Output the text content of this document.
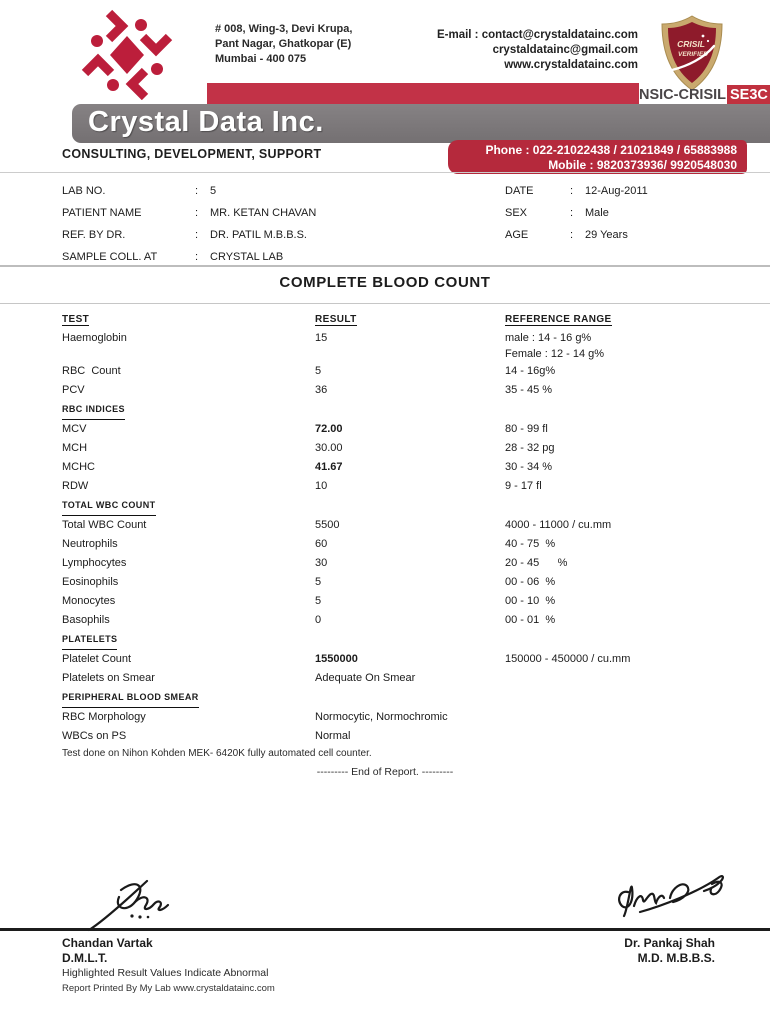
# 008, Wing-3, Devi Krupa,
Pant Nagar, Ghatkopar (E)
Mumbai - 400 075
E-mail : contact@crystaldatainc.com
crystaldatainc@gmail.com
www.crystaldatainc.com
CRISIL
VERIFIED
NSIC-CRISIL SE3C
Crystal Data Inc.
CONSULTING, DEVELOPMENT, SUPPORT	Phone : 022-21022438 / 21021849 / 65883988
Mobile : 9820373936/ 9920548030
LAB NO.	:	5
PATIENT NAME	:	MR. KETAN CHAVAN
REF. BY DR.	:	DR. PATIL M.B.B.S.
SAMPLE COLL. AT	:	CRYSTAL LAB
DATE	:	12-Aug-2011
SEX	:	Male
AGE	:	29 Years
COMPLETE BLOOD COUNT
TEST	RESULT	REFERENCE RANGE
Haemoglobin	15	male : 14 - 16 g%
Female : 12 - 14 g%
RBC  Count	5	14 - 16g%
PCV	36	35 - 45 %
RBC INDICES
MCV	72.00	80 - 99 fl
MCH	30.00	28 - 32 pg
MCHC	41.67	30 - 34 %
RDW	10	9 - 17 fl
TOTAL WBC COUNT
Total WBC Count	5500	4000 - 11000 / cu.mm
Neutrophils	60	40 - 75  %
Lymphocytes	30	20 - 45      %
Eosinophils	5	00 - 06  %
Monocytes	5	00 - 10  %
Basophils	0	00 - 01  %
PLATELETS
Platelet Count	1550000	150000 - 450000 / cu.mm
Platelets on Smear	Adequate On Smear
PERIPHERAL BLOOD SMEAR
RBC Morphology	Normocytic, Normochromic
WBCs on PS	Normal
Test done on Nihon Kohden MEK- 6420K fully automated cell counter.
--------- End of Report. ---------
Chandan Vartak
D.M.L.T.
Highlighted Result Values Indicate Abnormal
Report Printed By My Lab www.crystaldatainc.com
Dr. Pankaj Shah
M.D. M.B.B.S.
